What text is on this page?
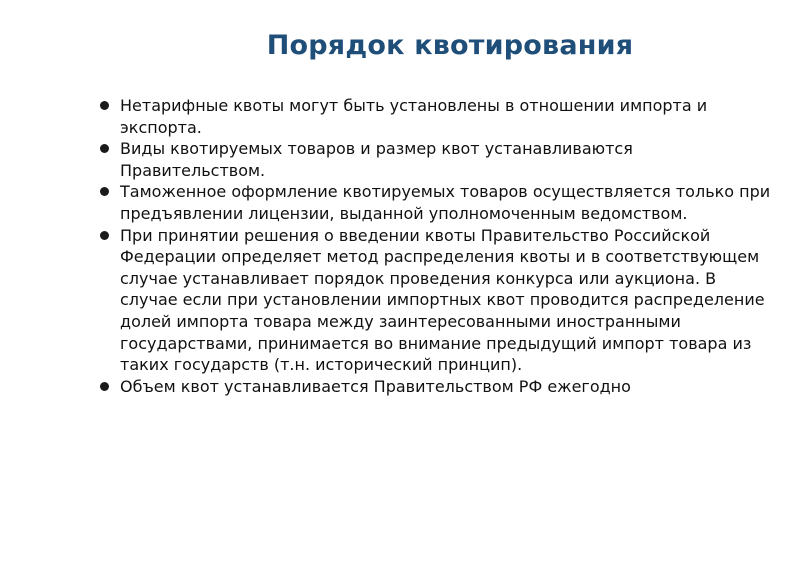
Порядок квотирования
Нетарифные квоты могут быть установлены в отношении импорта и экспорта.
Виды квотируемых товаров и размер квот устанавливаются Правительством.
Таможенное оформление квотируемых товаров осуществляется только при предъявлении лицензии, выданной уполномоченным ведомством.
При принятии решения о введении квоты Правительство Российской Федерации определяет метод распределения квоты и в соответствующем случае устанавливает порядок проведения конкурса или аукциона. В случае если при установлении импортных квот проводится распределение долей импорта товара между заинтересованными иностранными государствами, принимается во внимание предыдущий импорт товара из таких государств (т.н. исторический принцип).
Объем квот устанавливается Правительством РФ ежегодно
